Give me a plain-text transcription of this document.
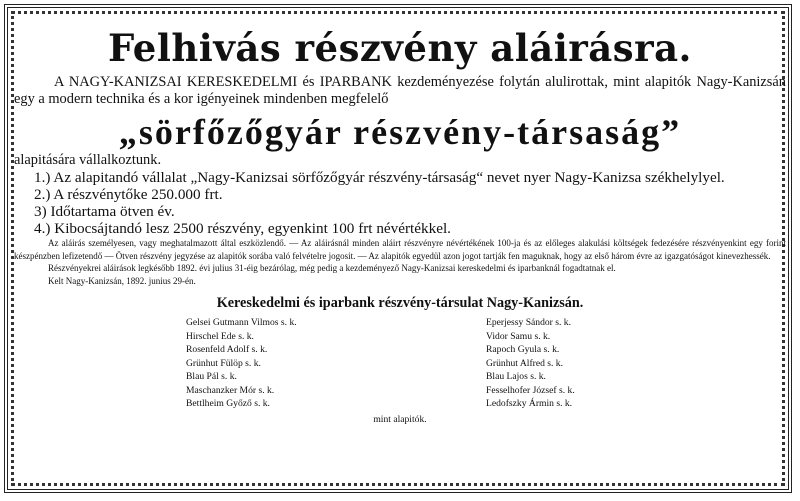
Felhivás részvény aláirásra.
A NAGY-KANIZSAI KERESKEDELMI és IPARBANK kezdeményezése folytán alulirottak, mint alapitók Nagy-Kanizsán egy a modern technika és a kor igényeinek mindenben megfelelő
„sörfőzőgyár részvény-társaság”
alapitására vállalkoztunk.
1.) Az alapitandó vállalat „Nagy-Kanizsai sörfőzőgyár részvény-társaság“ nevet nyer Nagy-Kanizsa székhelylyel.
2.) A részvénytőke 250.000 frt.
3) Időtartama ötven év.
4.) Kibocsájtandó lesz 2500 részvény, egyenkint 100 frt névértékkel.
Az aláirás személyesen, vagy meghatalmazott által eszközlendő. — Az aláirásnál minden aláirt részvényre névértékének 100-ja és az előleges alakulási költségek fedezésére részvényenkint egy forint készpénzben lefizetendő — Ötven részvény jegyzése az alapitók sorába való felvételre jogosit. — Az alapitók egyedül azon jogot tartják fen maguknak, hogy az első három évre az igazgatóságot kinevezhessék.
Részvényekrei aláirások legkésőbb 1892. évi julius 31-éig bezárólag, még pedig a kezdeményező Nagy-Kanizsai kereskedelmi és iparbanknál fogadtatnak el.
Kelt Nagy-Kanizsán, 1892. junius 29-én.
Kereskedelmi és iparbank részvény-társulat Nagy-Kanizsán.
Gelsei Gutmann Vilmos s. k.	Eperjessy Sándor s. k.
Hirschel Ede s. k.	Vidor Samu s. k.
Rosenfeld Adolf s. k.	Rapoch Gyula s. k.
Grünhut Fülöp s. k.	Grünhut Alfred s. k.
Blau Pál s. k.	Blau Lajos s. k.
Maschanzker Mór s. k.	Fesselhofer József s. k.
Bettlheim Győző s. k.	Ledofszky Ármin s. k.
mint alapitók.
